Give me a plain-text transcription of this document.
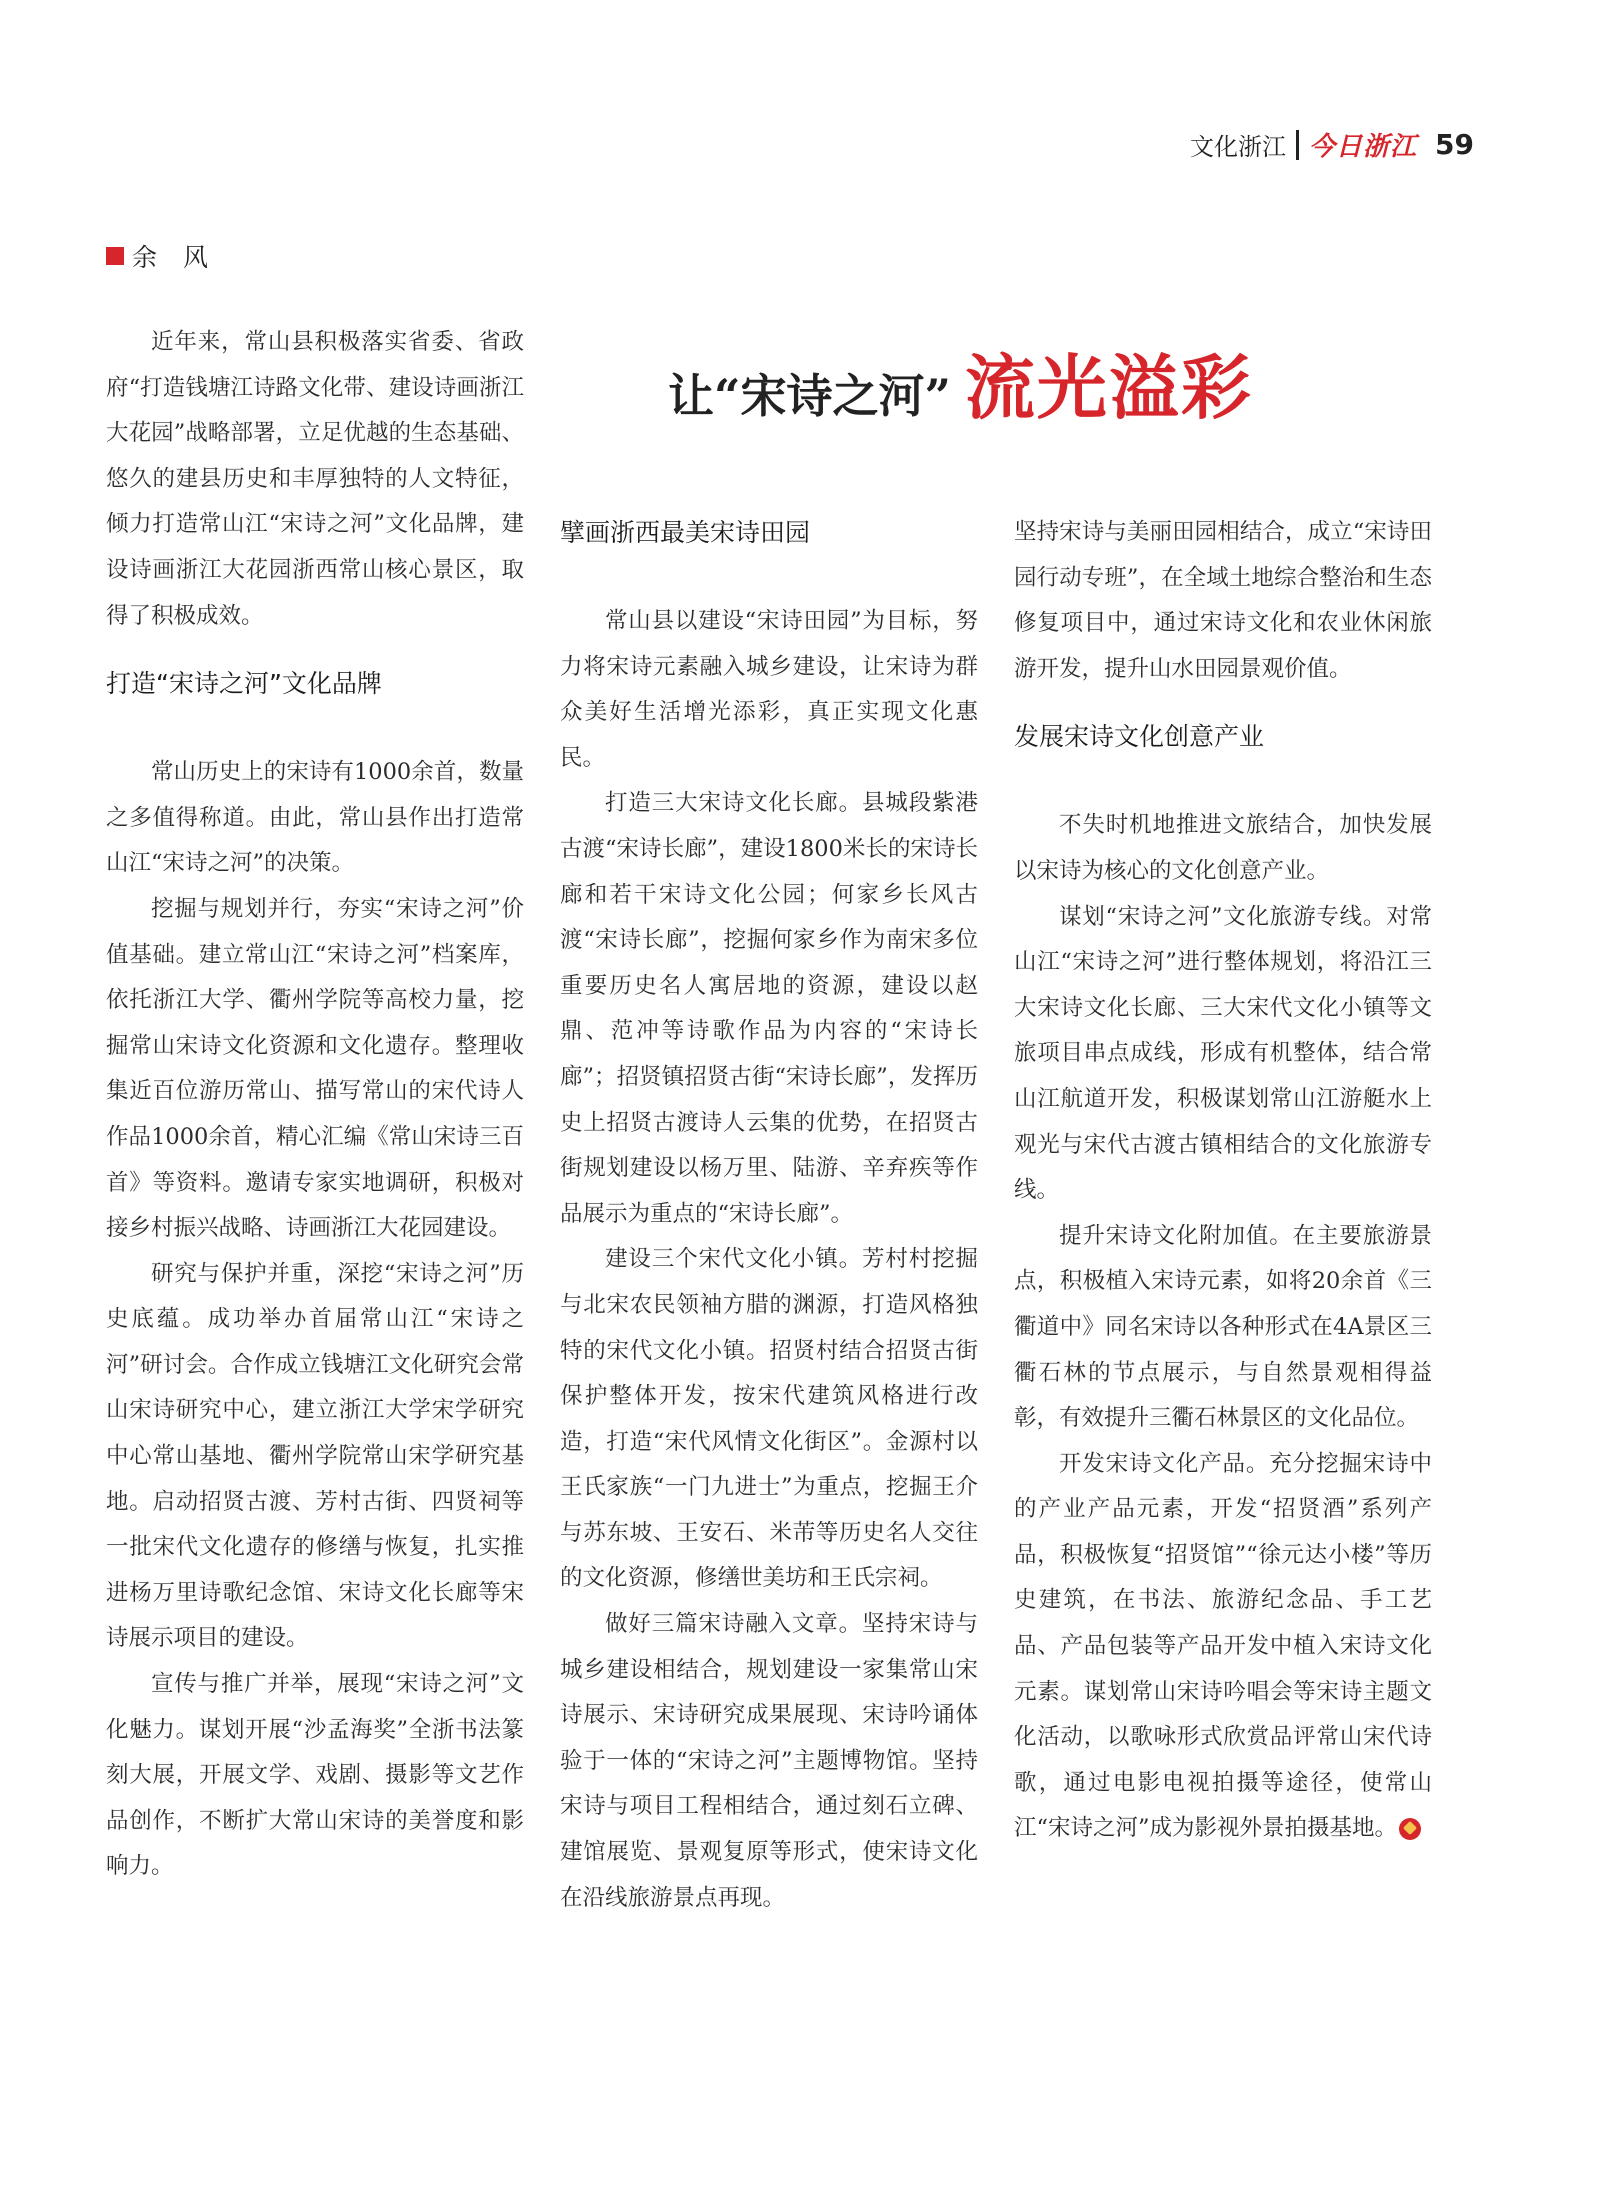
文化浙江 今日浙江 59
余风
让“宋诗之河” 流光溢彩

近年来，常山县积极落实省委、省政府“打造钱塘江诗路文化带、建设诗画浙江大花园”战略部署，立足优越的生态基础、悠久的建县历史和丰厚独特的人文特征，倾力打造常山江“宋诗之河”文化品牌，建设诗画浙江大花园浙西常山核心景区，取得了积极成效。

打造“宋诗之河”文化品牌

常山历史上的宋诗有1000余首，数量之多值得称道。由此，常山县作出打造常山江“宋诗之河”的决策。

挖掘与规划并行，夯实“宋诗之河”价值基础。建立常山江“宋诗之河”档案库，依托浙江大学、衢州学院等高校力量，挖掘常山宋诗文化资源和文化遗存。整理收集近百位游历常山、描写常山的宋代诗人作品1000余首，精心汇编《常山宋诗三百首》等资料。邀请专家实地调研，积极对接乡村振兴战略、诗画浙江大花园建设。

研究与保护并重，深挖“宋诗之河”历史底蕴。成功举办首届常山江“宋诗之河”研讨会。合作成立钱塘江文化研究会常山宋诗研究中心，建立浙江大学宋学研究中心常山基地、衢州学院常山宋学研究基地。启动招贤古渡、芳村古街、四贤祠等一批宋代文化遗存的修缮与恢复，扎实推进杨万里诗歌纪念馆、宋诗文化长廊等宋诗展示项目的建设。

宣传与推广并举，展现“宋诗之河”文化魅力。谋划开展“沙孟海奖”全浙书法篆刻大展，开展文学、戏剧、摄影等文艺作品创作，不断扩大常山宋诗的美誉度和影响力。

擘画浙西最美宋诗田园

常山县以建设“宋诗田园”为目标，努力将宋诗元素融入城乡建设，让宋诗为群众美好生活增光添彩，真正实现文化惠民。

打造三大宋诗文化长廊。县城段紫港古渡“宋诗长廊”，建设1800米长的宋诗长廊和若干宋诗文化公园；何家乡长风古渡“宋诗长廊”，挖掘何家乡作为南宋多位重要历史名人寓居地的资源，建设以赵鼎、范冲等诗歌作品为内容的“宋诗长廊”；招贤镇招贤古街“宋诗长廊”，发挥历史上招贤古渡诗人云集的优势，在招贤古街规划建设以杨万里、陆游、辛弃疾等作品展示为重点的“宋诗长廊”。

建设三个宋代文化小镇。芳村村挖掘与北宋农民领袖方腊的渊源，打造风格独特的宋代文化小镇。招贤村结合招贤古街保护整体开发，按宋代建筑风格进行改造，打造“宋代风情文化街区”。金源村以王氏家族“一门九进士”为重点，挖掘王介与苏东坡、王安石、米芾等历史名人交往的文化资源，修缮世美坊和王氏宗祠。

做好三篇宋诗融入文章。坚持宋诗与城乡建设相结合，规划建设一家集常山宋诗展示、宋诗研究成果展现、宋诗吟诵体验于一体的“宋诗之河”主题博物馆。坚持宋诗与项目工程相结合，通过刻石立碑、建馆展览、景观复原等形式，使宋诗文化在沿线旅游景点再现。

坚持宋诗与美丽田园相结合，成立“宋诗田园行动专班”，在全域土地综合整治和生态修复项目中，通过宋诗文化和农业休闲旅游开发，提升山水田园景观价值。

发展宋诗文化创意产业

不失时机地推进文旅结合，加快发展以宋诗为核心的文化创意产业。

谋划“宋诗之河”文化旅游专线。对常山江“宋诗之河”进行整体规划，将沿江三大宋诗文化长廊、三大宋代文化小镇等文旅项目串点成线，形成有机整体，结合常山江航道开发，积极谋划常山江游艇水上观光与宋代古渡古镇相结合的文化旅游专线。

提升宋诗文化附加值。在主要旅游景点，积极植入宋诗元素，如将20余首《三衢道中》同名宋诗以各种形式在4A景区三衢石林的节点展示，与自然景观相得益彰，有效提升三衢石林景区的文化品位。

开发宋诗文化产品。充分挖掘宋诗中的产业产品元素，开发“招贤酒”系列产品，积极恢复“招贤馆”“徐元达小楼”等历史建筑，在书法、旅游纪念品、手工艺品、产品包装等产品开发中植入宋诗文化元素。谋划常山宋诗吟唱会等宋诗主题文化活动，以歌咏形式欣赏品评常山宋代诗歌，通过电影电视拍摄等途径，使常山江“宋诗之河”成为影视外景拍摄基地。
